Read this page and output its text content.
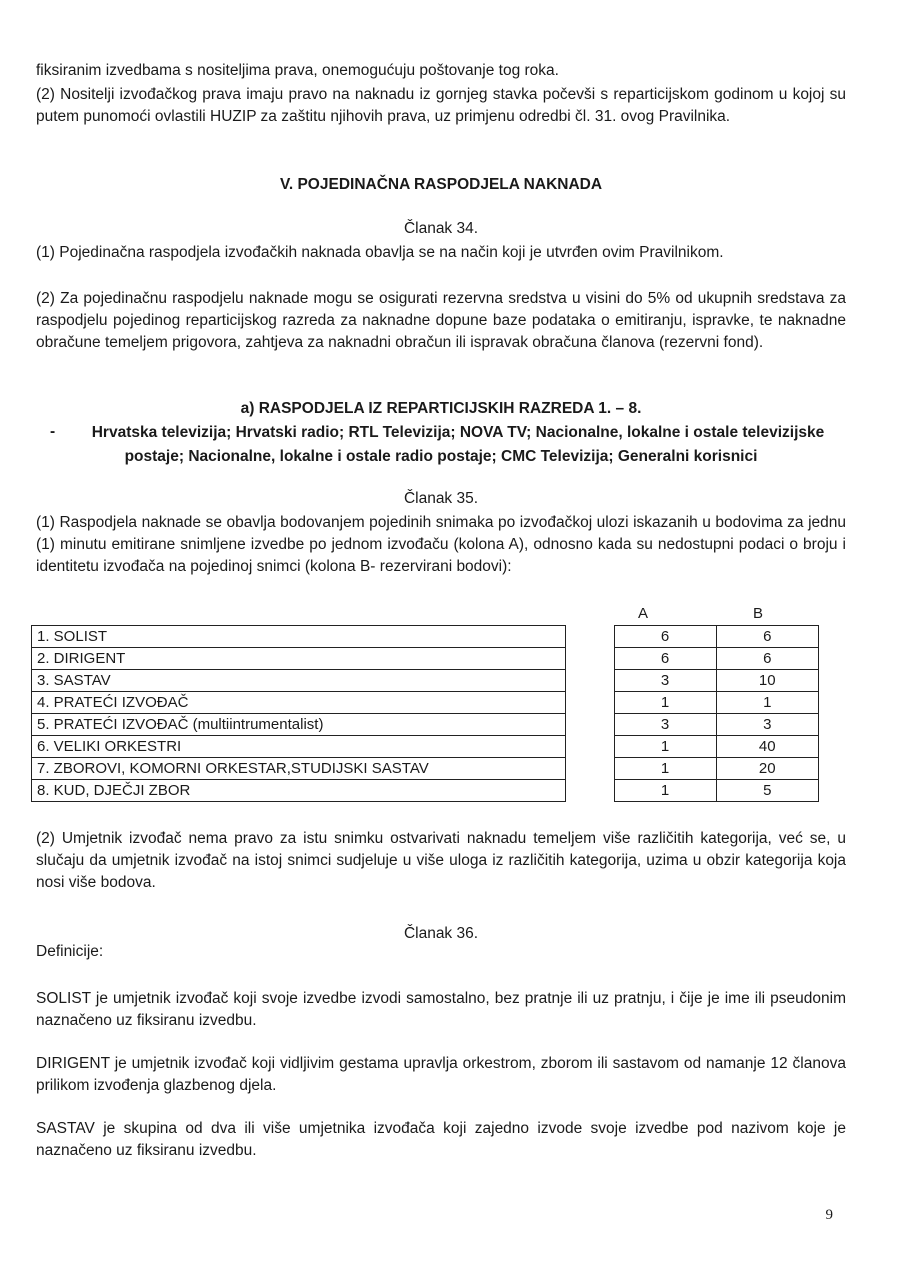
fiksiranim izvedbama s nositeljima prava, onemogućuju poštovanje tog roka.

(2) Nositelji izvođačkog prava imaju pravo na naknadu iz gornjeg stavka počevši s reparticijskom godinom u kojoj su putem punomoći ovlastili HUZIP za zaštitu njihovih prava, uz primjenu odredbi čl. 31. ovog Pravilnika.

V. POJEDINAČNA RASPODJELA NAKNADA

Članak 34.

(1) Pojedinačna raspodjela izvođačkih naknada obavlja se na način koji je utvrđen ovim Pravilnikom.

(2) Za pojedinačnu raspodjelu naknade mogu se osigurati rezervna sredstva u visini do 5% od ukupnih sredstava za raspodjelu pojedinog reparticijskog razreda za naknadne dopune baze podataka o emitiranju, ispravke, te naknadne obračune temeljem prigovora, zahtjeva za naknadni obračun ili ispravak obračuna članova (rezervni fond).

a) RASPODJELA IZ REPARTICIJSKIH RAZREDA 1. – 8.

-	Hrvatska televizija; Hrvatski radio; RTL Televizija; NOVA TV; Nacionalne, lokalne i ostale televizijske

postaje; Nacionalne, lokalne i ostale radio postaje; CMC Televizija; Generalni korisnici

Članak 35.

(1) Raspodjela naknade se obavlja bodovanjem pojedinih snimaka po izvođačkoj ulozi iskazanih u bodovima za jednu (1) minutu emitirane snimljene izvedbe po jednom izvođaču (kolona A), odnosno kada su nedostupni podaci o broju i identitetu izvođača na pojedinoj snimci (kolona B- rezervirani bodovi):

A	B
1. SOLIST		6	6
2. DIRIGENT		6	6
3. SASTAV		3	10
4. PRATEĆI IZVOĐAČ		1	1
5. PRATEĆI IZVOĐAČ (multiintrumentalist)		3	3
6. VELIKI ORKESTRI		1	40
7. ZBOROVI, KOMORNI ORKESTAR,STUDIJSKI SASTAV		1	20
8. KUD, DJEČJI ZBOR		1	5

(2) Umjetnik izvođač nema pravo za istu snimku ostvarivati naknadu temeljem više različitih kategorija, već se, u slučaju da umjetnik izvođač na istoj snimci sudjeluje u više uloga iz različitih kategorija, uzima u obzir kategorija koja nosi više bodova.

Članak 36.

Definicije:

SOLIST je umjetnik izvođač koji svoje izvedbe izvodi samostalno, bez pratnje ili uz pratnju, i čije je ime ili pseudonim naznačeno uz fiksiranu izvedbu.

DIRIGENT je umjetnik izvođač koji vidljivim gestama upravlja orkestrom, zborom ili sastavom od namanje 12 članova prilikom izvođenja glazbenog djela.

SASTAV je skupina od dva ili više umjetnika izvođača koji zajedno izvode svoje izvedbe pod nazivom koje je naznačeno uz fiksiranu izvedbu.

9
